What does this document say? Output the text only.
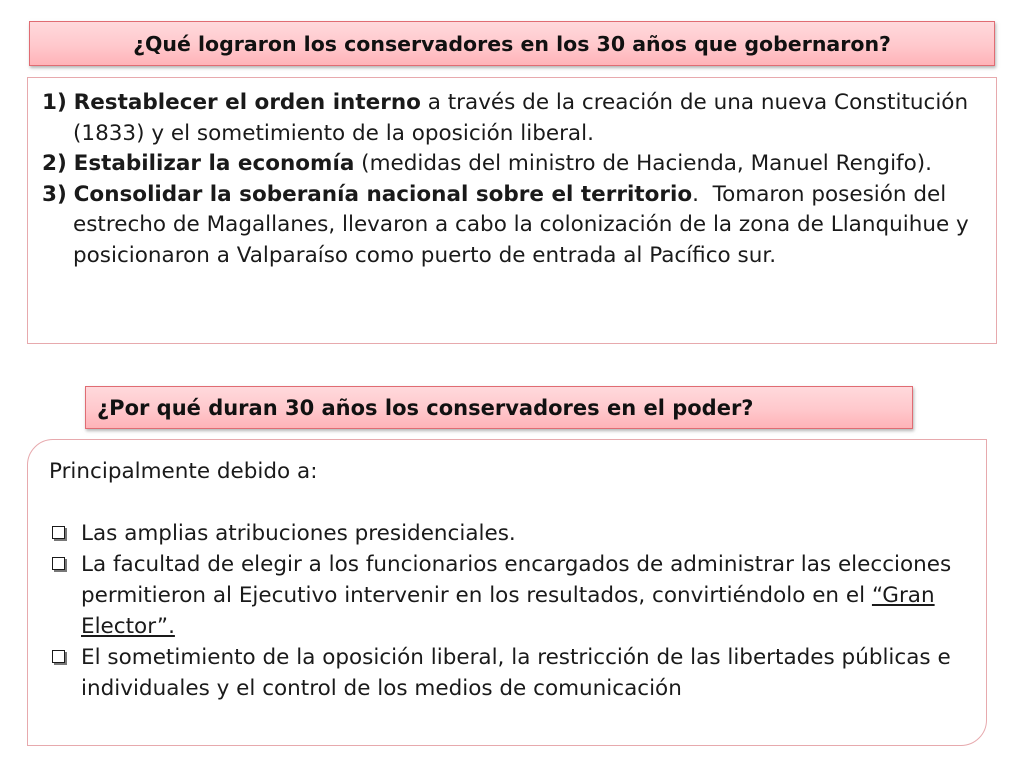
¿Qué lograron los conservadores en los 30 años que gobernaron?
1) Restablecer el orden interno a través de la creación de una nueva Constitución (1833) y el sometimiento de la oposición liberal.
2) Estabilizar la economía (medidas del ministro de Hacienda, Manuel Rengifo).
3) Consolidar la soberanía nacional sobre el territorio.  Tomaron posesión del estrecho de Magallanes, llevaron a cabo la colonización de la zona de Llanquihue y posicionaron a Valparaíso como puerto de entrada al Pacífico sur.
¿Por qué duran 30 años los conservadores en el poder?
Principalmente debido a:
Las amplias atribuciones presidenciales.
La facultad de elegir a los funcionarios encargados de administrar las elecciones permitieron al Ejecutivo intervenir en los resultados, convirtiéndolo en el “Gran Elector”.
El sometimiento de la oposición liberal, la restricción de las libertades públicas e individuales y el control de los medios de comunicación
